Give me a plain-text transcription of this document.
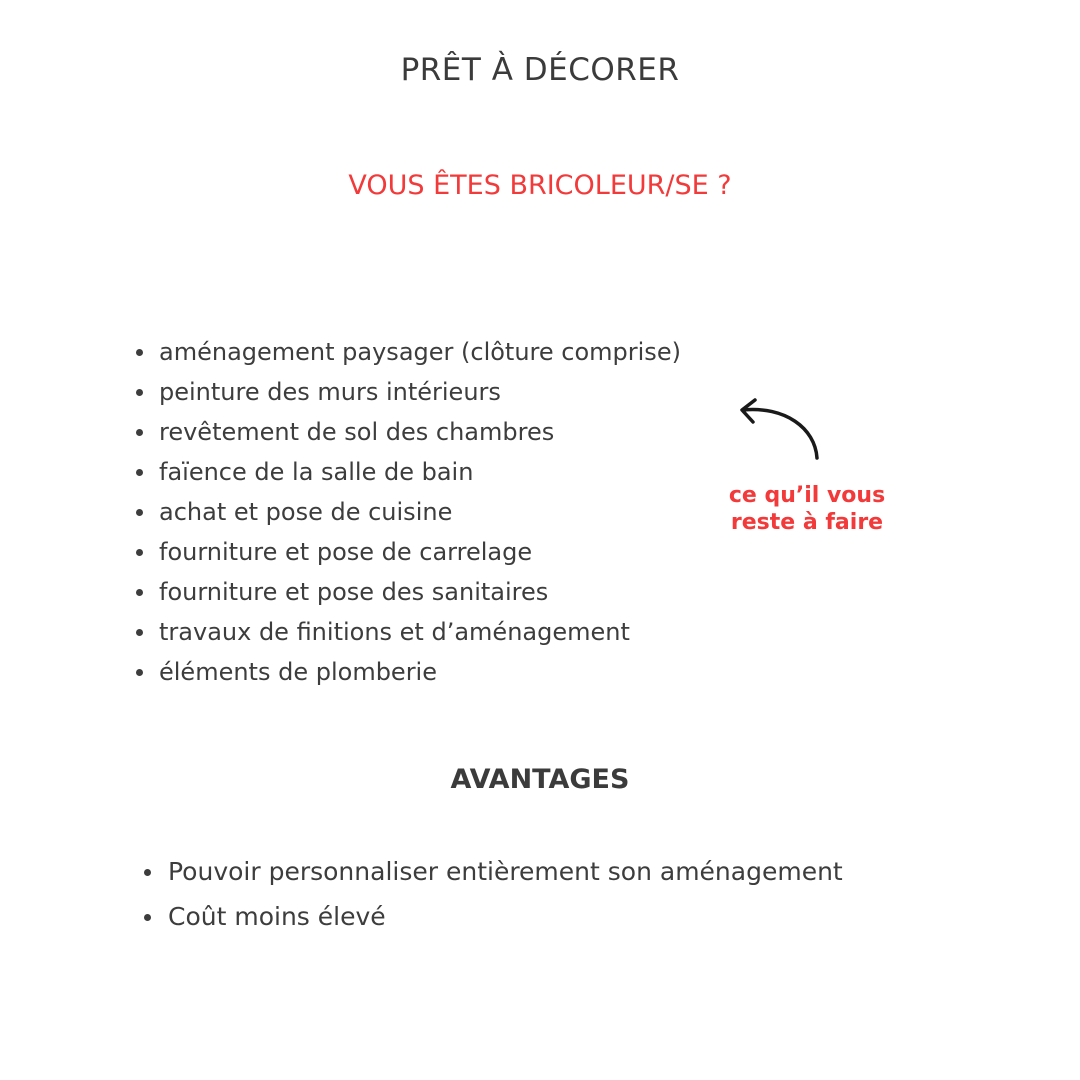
PRÊT À DÉCORER
VOUS ÊTES BRICOLEUR/SE ?
aménagement paysager (clôture comprise)
peinture des murs intérieurs
revêtement de sol des chambres
faïence de la salle de bain
achat et pose de cuisine
fourniture et pose de carrelage
fourniture et pose des sanitaires
travaux de finitions et d’aménagement
éléments de plomberie
ce qu’il vous
reste à faire
AVANTAGES
Pouvoir personnaliser entièrement son aménagement
Coût moins élevé
